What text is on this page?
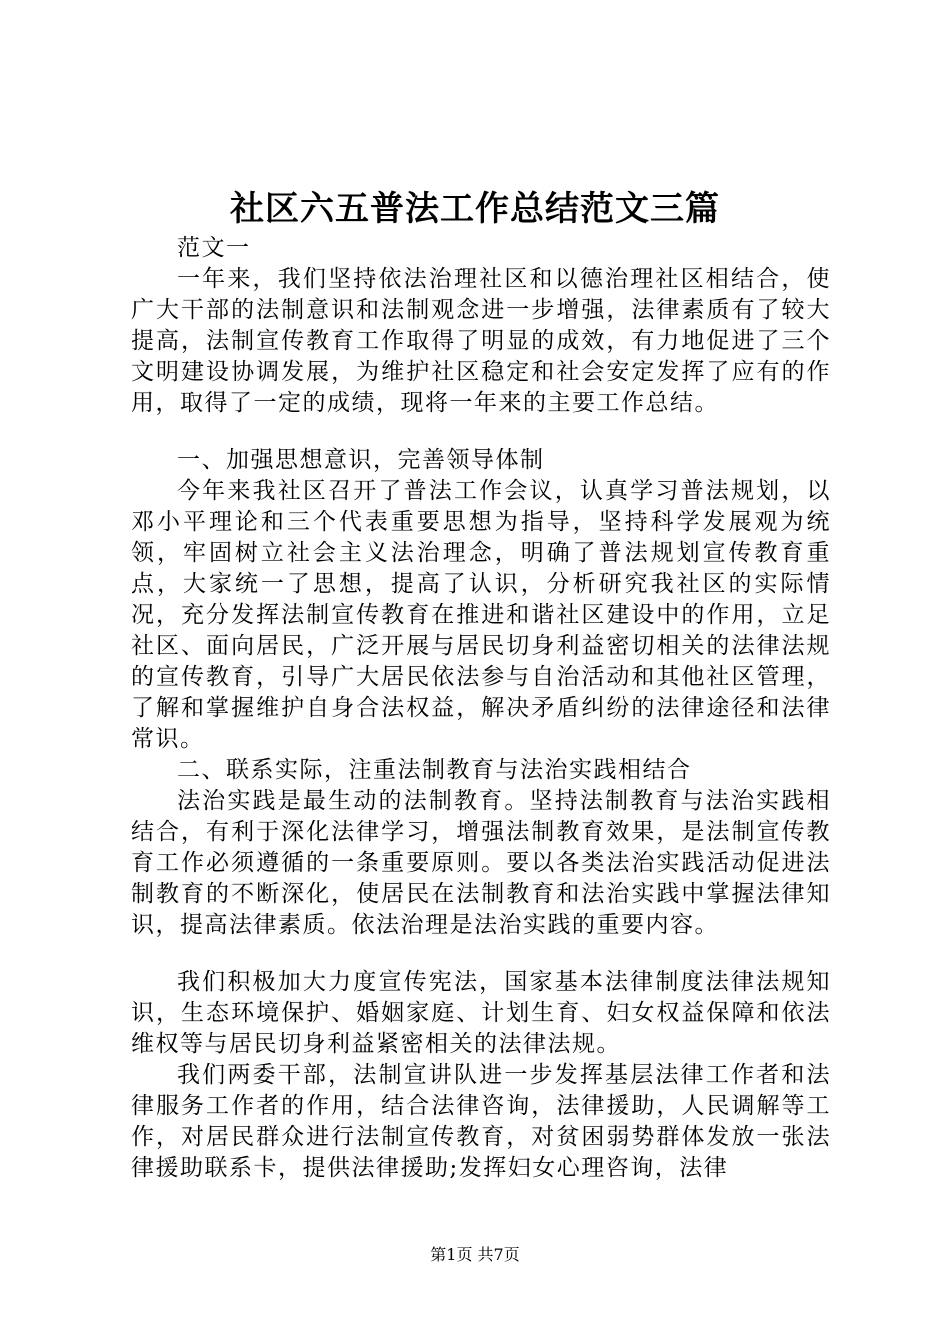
社区六五普法工作总结范文三篇

范文一

一年来，我们坚持依法治理社区和以德治理社区相结合，使广大干部的法制意识和法制观念进一步增强，法律素质有了较大提高，法制宣传教育工作取得了明显的成效，有力地促进了三个文明建设协调发展，为维护社区稳定和社会安定发挥了应有的作用，取得了一定的成绩，现将一年来的主要工作总结。

一、加强思想意识，完善领导体制

今年来我社区召开了普法工作会议，认真学习普法规划，以邓小平理论和三个代表重要思想为指导，坚持科学发展观为统领，牢固树立社会主义法治理念，明确了普法规划宣传教育重点，大家统一了思想，提高了认识，分析研究我社区的实际情况，充分发挥法制宣传教育在推进和谐社区建设中的作用，立足社区、面向居民，广泛开展与居民切身利益密切相关的法律法规的宣传教育，引导广大居民依法参与自治活动和其他社区管理，了解和掌握维护自身合法权益，解决矛盾纠纷的法律途径和法律常识。

二、联系实际，注重法制教育与法治实践相结合

法治实践是最生动的法制教育。坚持法制教育与法治实践相结合，有利于深化法律学习，增强法制教育效果，是法制宣传教育工作必须遵循的一条重要原则。要以各类法治实践活动促进法制教育的不断深化，使居民在法制教育和法治实践中掌握法律知识，提高法律素质。依法治理是法治实践的重要内容。

我们积极加大力度宣传宪法，国家基本法律制度法律法规知识，生态环境保护、婚姻家庭、计划生育、妇女权益保障和依法维权等与居民切身利益紧密相关的法律法规。

我们两委干部，法制宣讲队进一步发挥基层法律工作者和法律服务工作者的作用，结合法律咨询，法律援助，人民调解等工作，对居民群众进行法制宣传教育，对贫困弱势群体发放一张法律援助联系卡，提供法律援助;发挥妇女心理咨询，法律

第1页 共7页
